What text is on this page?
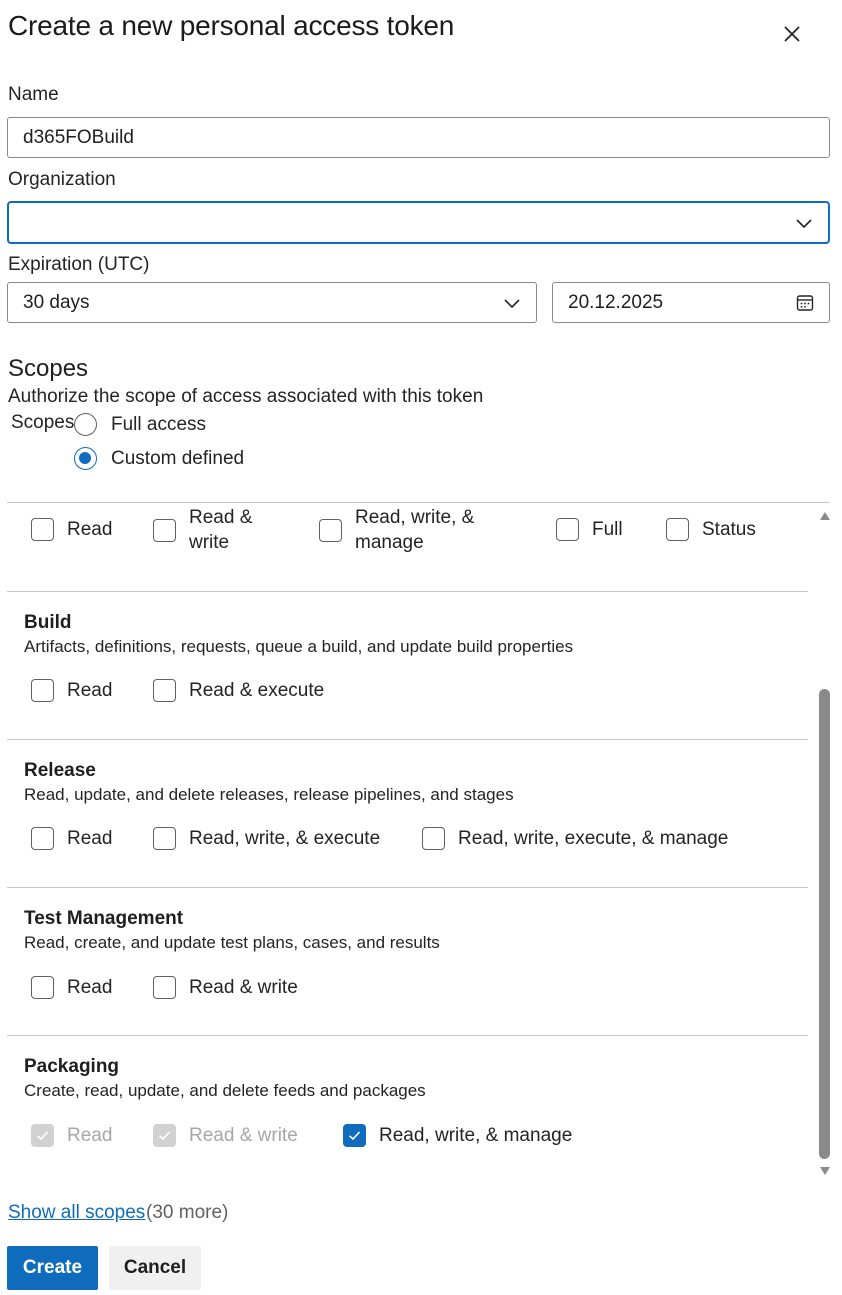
Create a new personal access token
Name
d365FOBuild
Organization
Expiration (UTC)
30 days	20.12.2025
Scopes
Authorize the scope of access associated with this token
Scopes Full access
Custom defined
Read
Read &
write
Read, write, &
manage
Full	Status
Build
Artifacts, definitions, requests, queue a build, and update build properties
Read	Read & execute
Release
Read, update, and delete releases, release pipelines, and stages
Read	Read, write, & execute	Read, write, execute, & manage
Test Management
Read, create, and update test plans, cases, and results
Read	Read & write
Packaging
Create, read, update, and delete feeds and packages
Read	Read & write	Read, write, & manage
Show all scopes (30 more)
Create	Cancel
